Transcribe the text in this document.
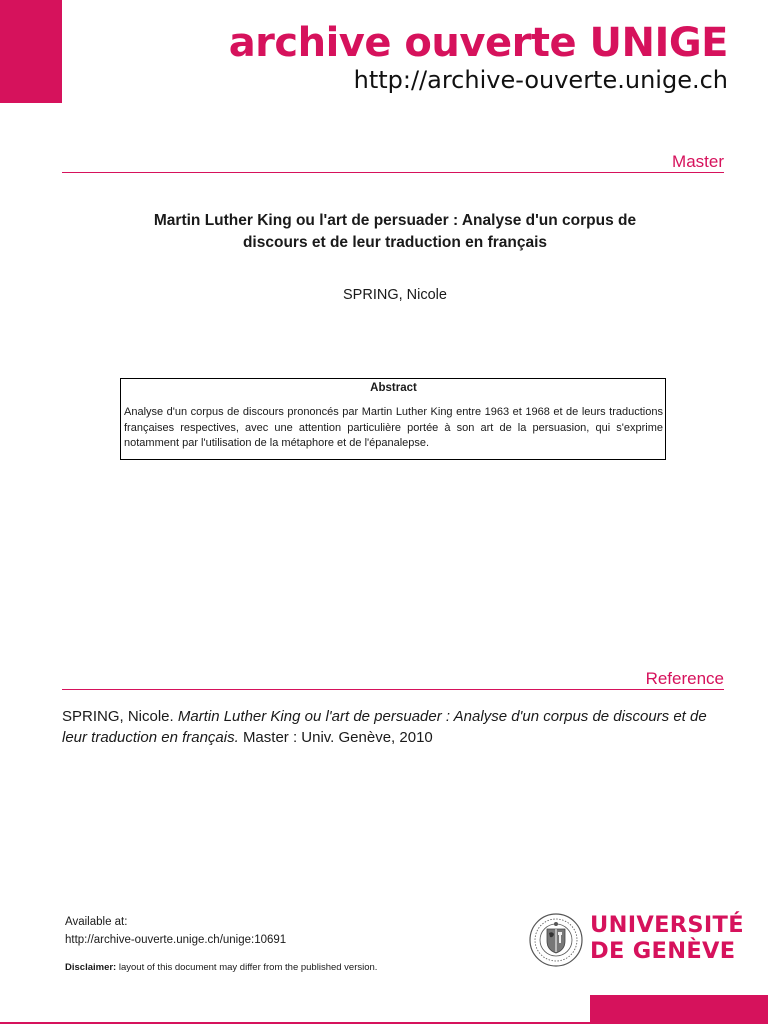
archive ouverte UNIGE
http://archive-ouverte.unige.ch
Master
Martin Luther King ou l'art de persuader : Analyse d'un corpus de discours et de leur traduction en français
SPRING, Nicole
Abstract
Analyse d'un corpus de discours prononcés par Martin Luther King entre 1963 et 1968 et de leurs traductions françaises respectives, avec une attention particulière portée à son art de la persuasion, qui s'exprime notamment par l'utilisation de la métaphore et de l'épanalepse.
Reference
SPRING, Nicole. Martin Luther King ou l'art de persuader : Analyse d'un corpus de discours et de leur traduction en français. Master : Univ. Genève, 2010
Available at:
http://archive-ouverte.unige.ch/unige:10691
Disclaimer: layout of this document may differ from the published version.
UNIVERSITÉ
DE GENÈVE
